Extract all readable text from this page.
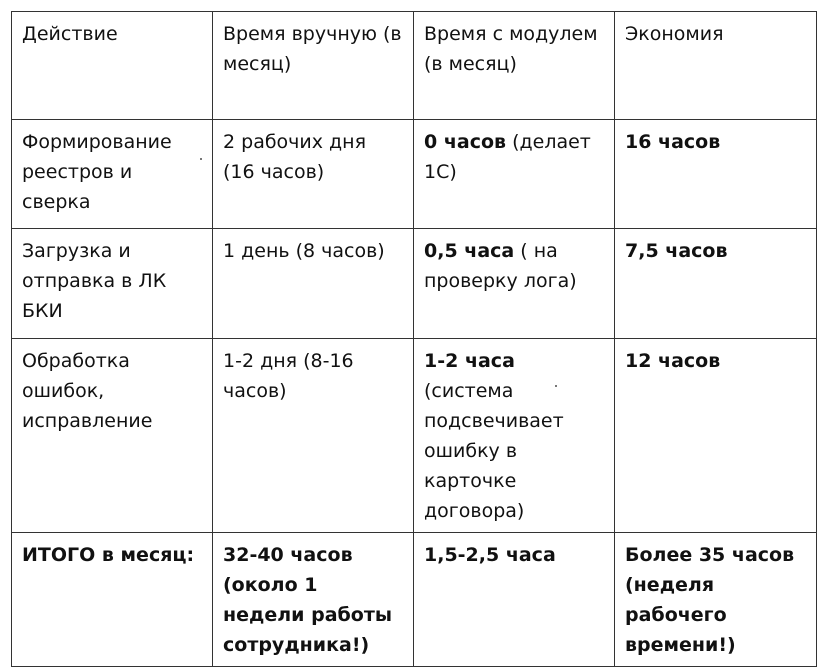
Действие	Время вручную (в месяц)	Время с модулем (в месяц)	Экономия
Формирование реестров и сверка	2 рабочих дня (16 часов)	0 часов (делает 1С)	16 часов
Загрузка и отправка в ЛК БКИ	1 день (8 часов)	0,5 часа ( на проверку лога)	7,5 часов
Обработка ошибок, исправление	1-2 дня (8-16 часов)	1-2 часа (система подсвечивает ошибку в карточке договора)	12 часов
ИТОГО в месяц:	32-40 часов (около 1 недели работы сотрудника!)	1,5-2,5 часа	Более 35 часов (неделя рабочего времени!)
